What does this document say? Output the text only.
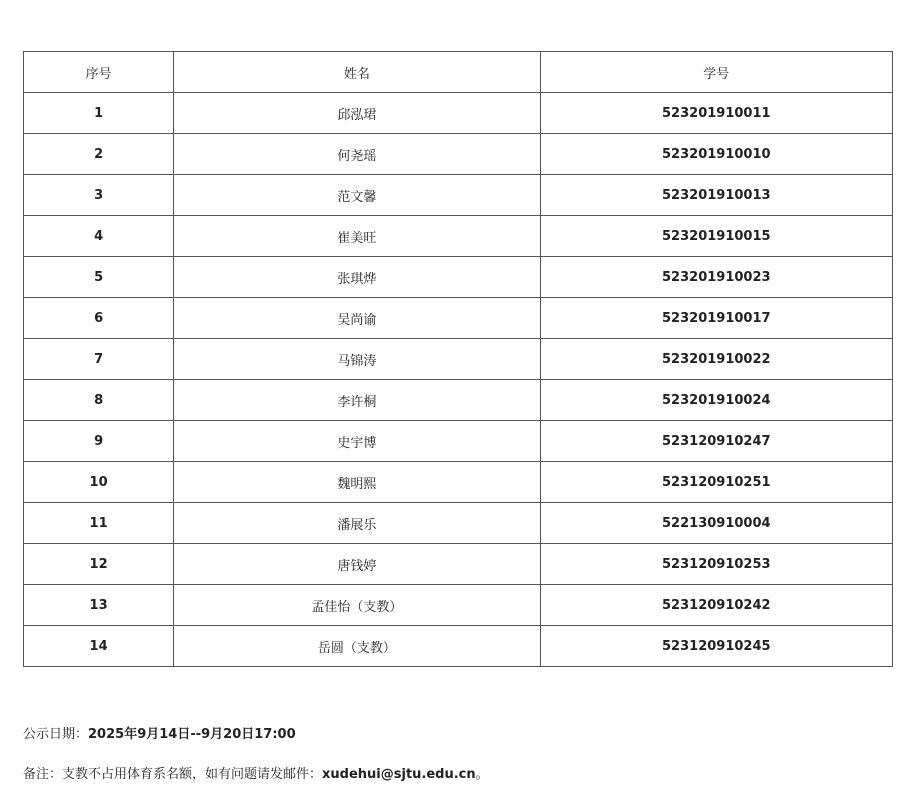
序号	姓名	学号
1	邱泓珺	523201910011
2	何尧瑶	523201910010
3	范文馨	523201910013
4	崔美旺	523201910015
5	张琪烨	523201910023
6	吴尚谕	523201910017
7	马锦涛	523201910022
8	李许桐	523201910024
9	史宇博	523120910247
10	魏明熙	523120910251
11	潘展乐	522130910004
12	唐钱婷	523120910253
13	孟佳怡（支教）	523120910242
14	岳圆（支教）	523120910245
公示日期：2025年9月14日--9月20日17:00
备注：支教不占用体育系名额，如有问题请发邮件：xudehui@sjtu.edu.cn。
